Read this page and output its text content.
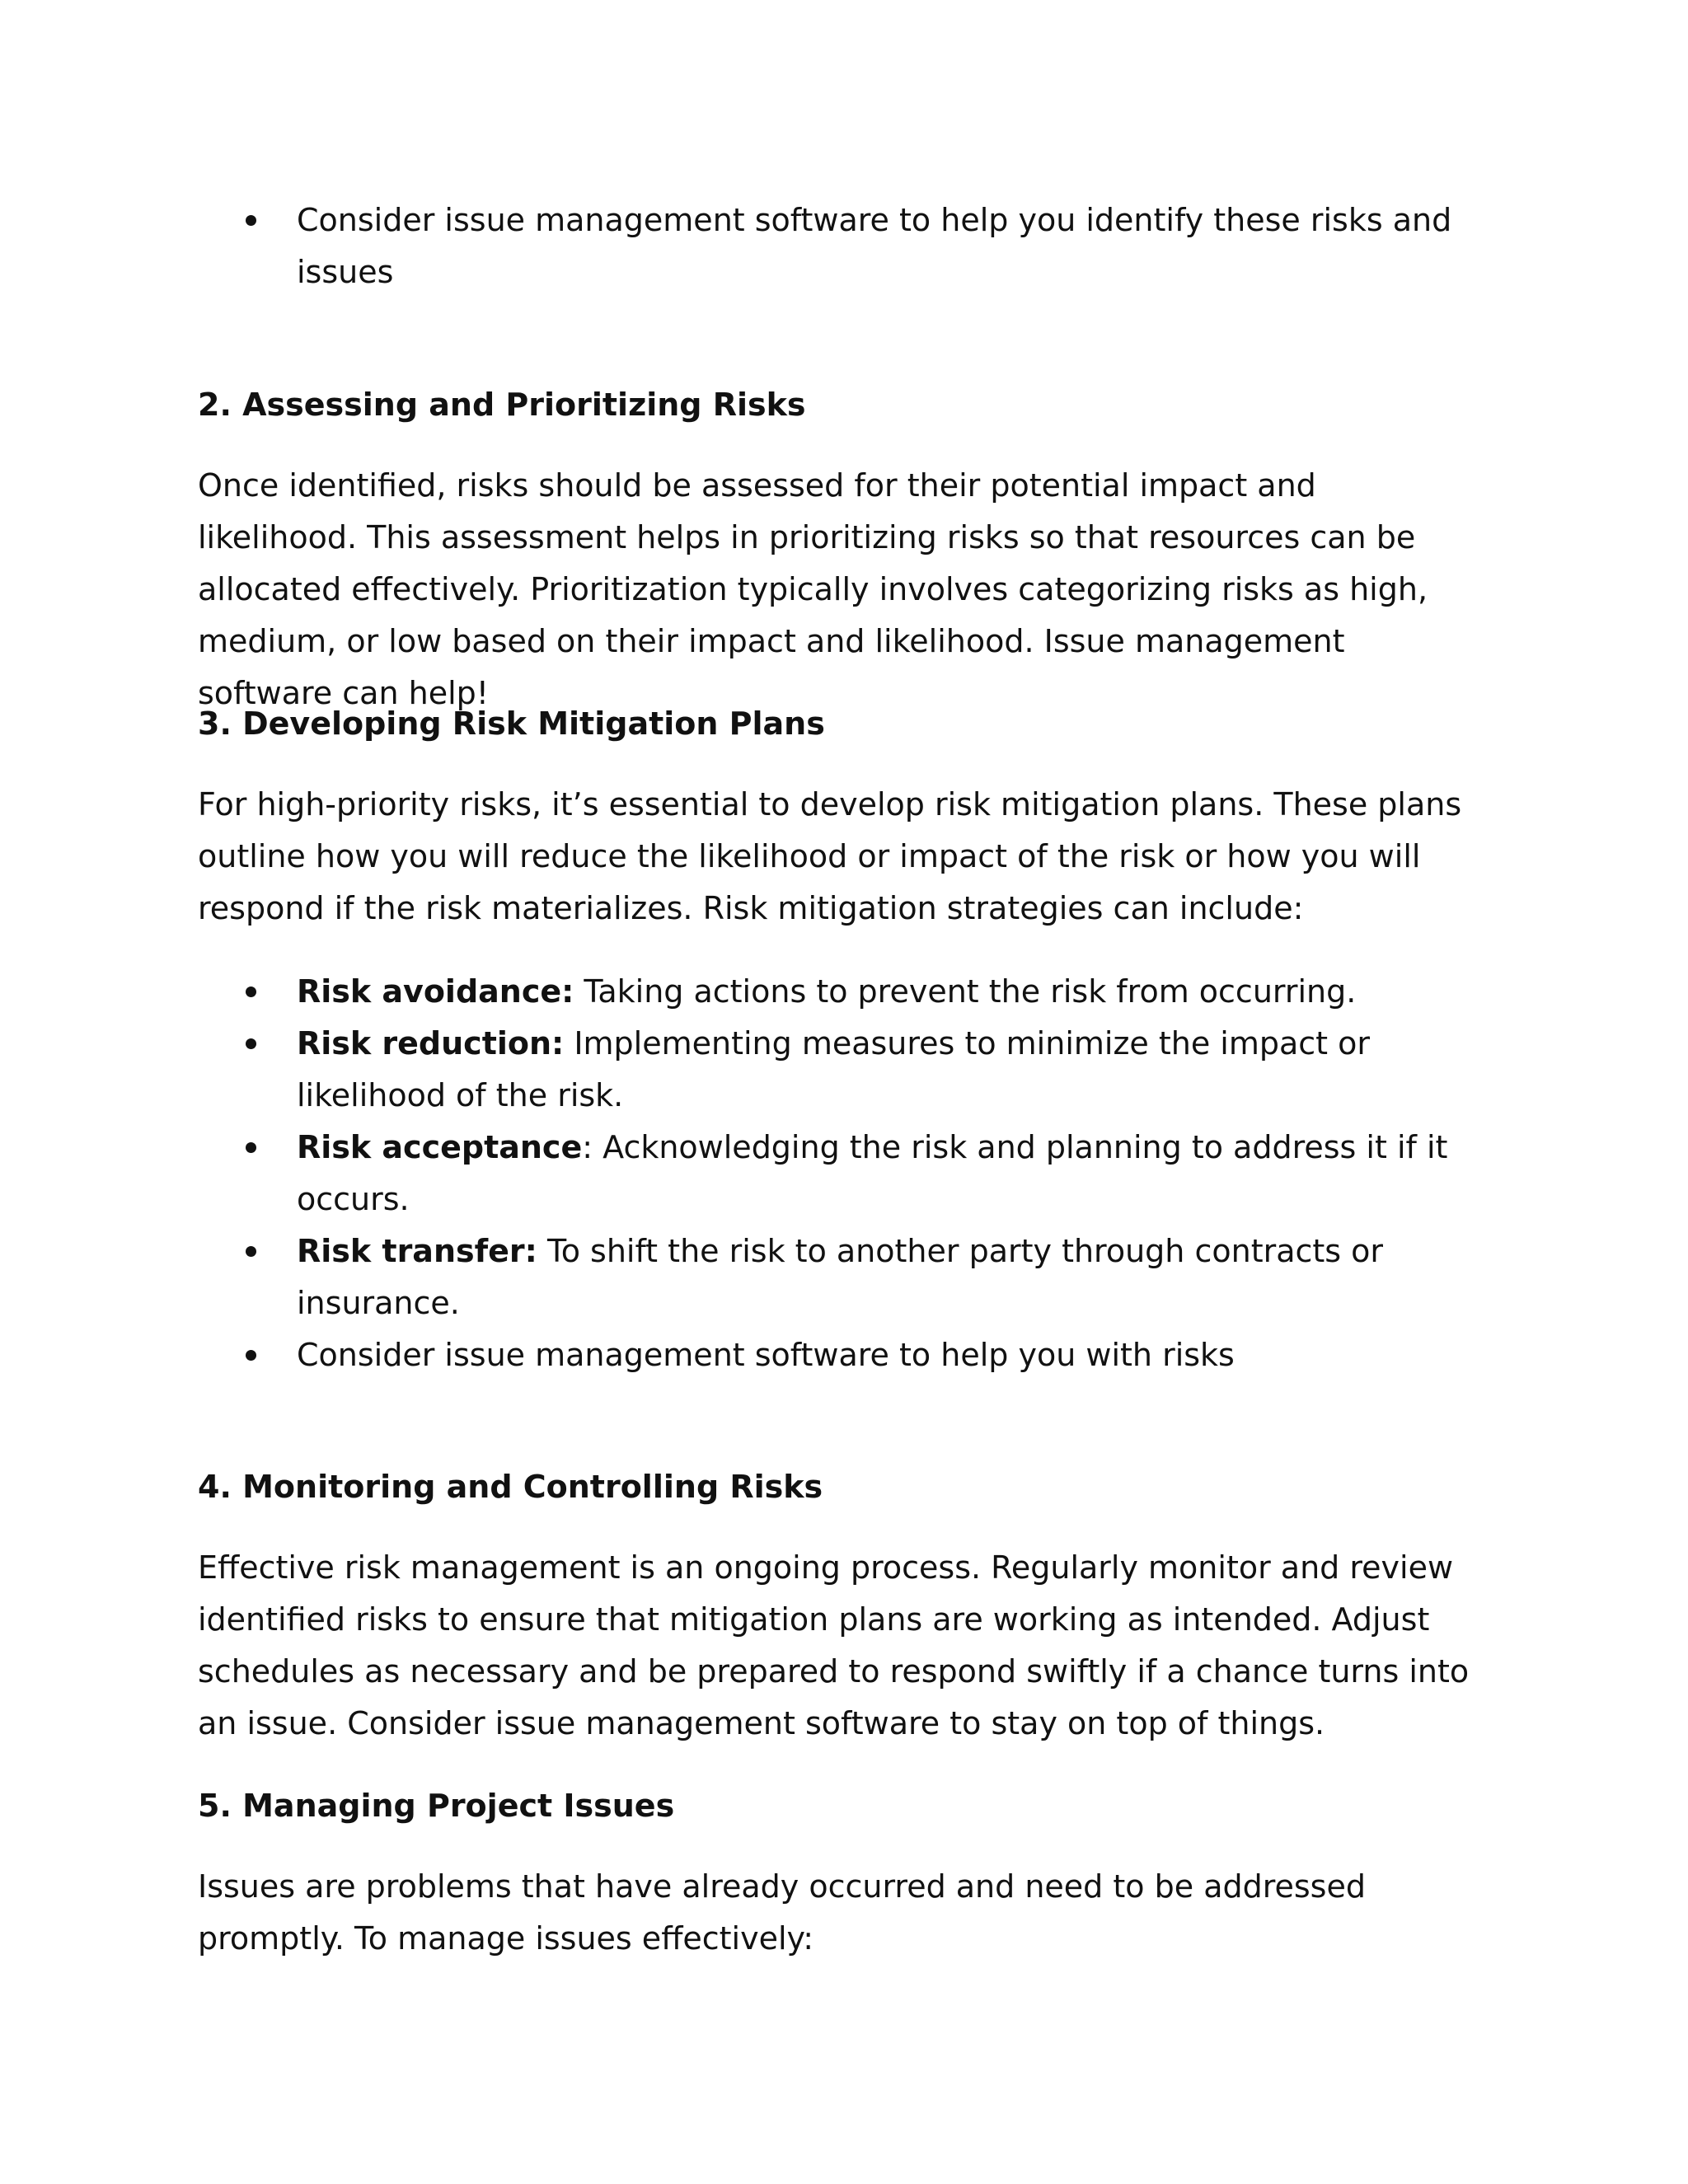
Consider issue management software to help you identify these risks and issues
2. Assessing and Prioritizing Risks

Once identified, risks should be assessed for their potential impact and likelihood. This assessment helps in prioritizing risks so that resources can be allocated effectively. Prioritization typically involves categorizing risks as high, medium, or low based on their impact and likelihood. Issue management software can help!

3. Developing Risk Mitigation Plans

For high-priority risks, it’s essential to develop risk mitigation plans. These plans outline how you will reduce the likelihood or impact of the risk or how you will respond if the risk materializes. Risk mitigation strategies can include:

Risk avoidance: Taking actions to prevent the risk from occurring.
Risk reduction: Implementing measures to minimize the impact or likelihood of the risk.
Risk acceptance: Acknowledging the risk and planning to address it if it occurs.
Risk transfer: To shift the risk to another party through contracts or insurance.
Consider issue management software to help you with risks
4. Monitoring and Controlling Risks

Effective risk management is an ongoing process. Regularly monitor and review identified risks to ensure that mitigation plans are working as intended. Adjust schedules as necessary and be prepared to respond swiftly if a chance turns into an issue. Consider issue management software to stay on top of things.

5. Managing Project Issues

Issues are problems that have already occurred and need to be addressed promptly. To manage issues effectively:
